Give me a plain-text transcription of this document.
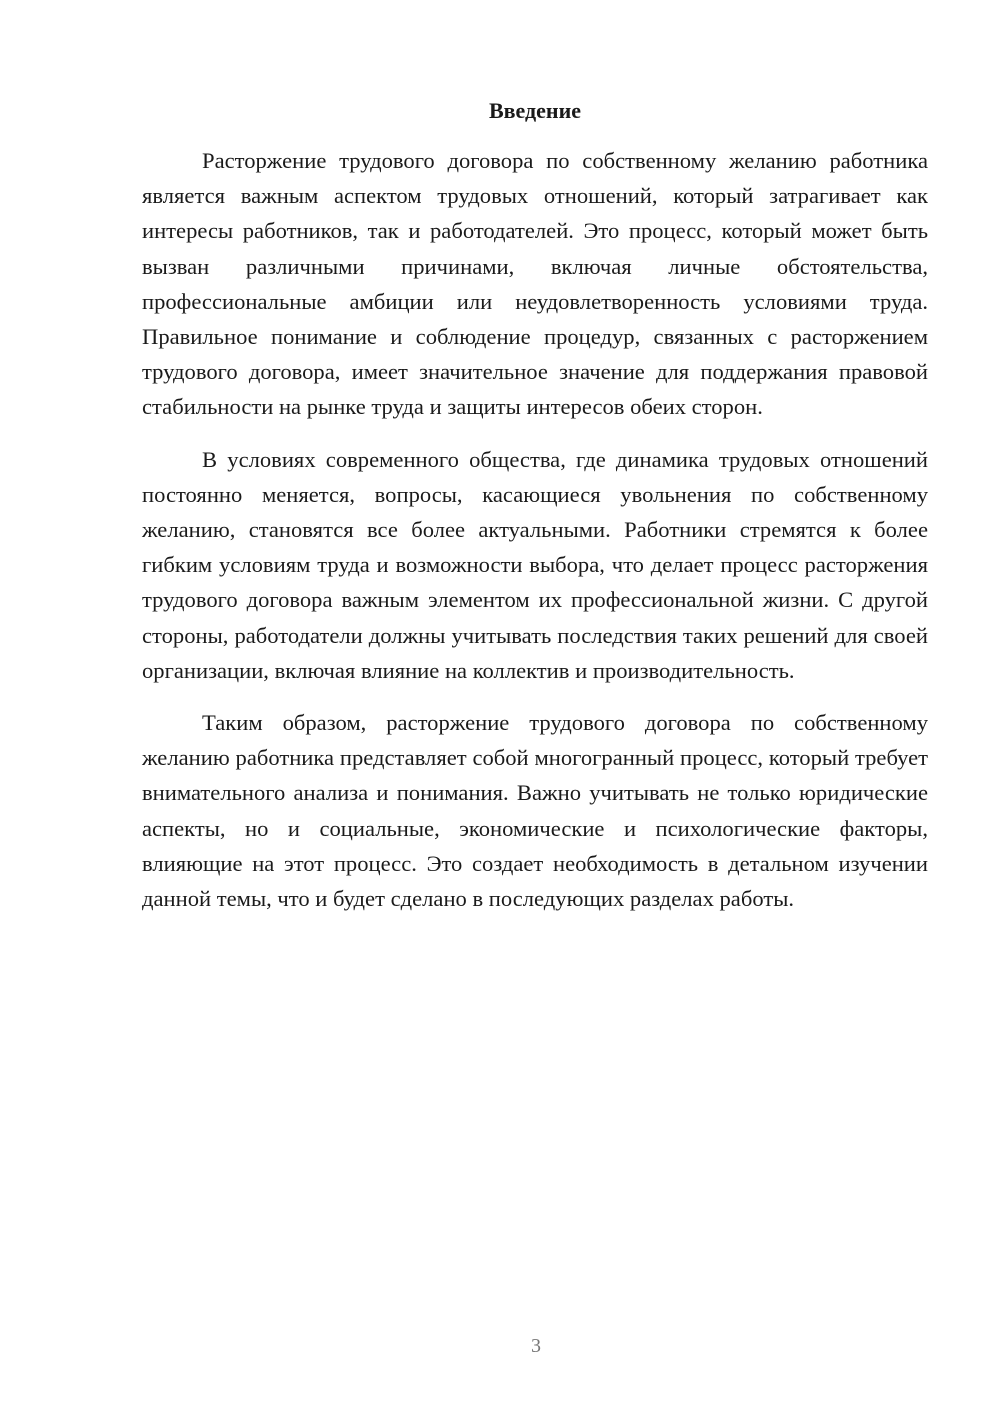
Введение

Расторжение трудового договора по собственному желанию работника является важным аспектом трудовых отношений, который затрагивает как интересы работников, так и работодателей. Это процесс, который может быть вызван различными причинами, включая личные обстоятельства, профессиональные амбиции или неудовлетворенность условиями труда. Правильное понимание и соблюдение процедур, связанных с расторжением трудового договора, имеет значительное значение для поддержания правовой стабильности на рынке труда и защиты интересов обеих сторон.

В условиях современного общества, где динамика трудовых отношений постоянно меняется, вопросы, касающиеся увольнения по собственному желанию, становятся все более актуальными. Работники стремятся к более гибким условиям труда и возможности выбора, что делает процесс расторжения трудового договора важным элементом их профессиональной жизни. С другой стороны, работодатели должны учитывать последствия таких решений для своей организации, включая влияние на коллектив и производительность.

Таким образом, расторжение трудового договора по собственному желанию работника представляет собой многогранный процесс, который требует внимательного анализа и понимания. Важно учитывать не только юридические аспекты, но и социальные, экономические и психологические факторы, влияющие на этот процесс. Это создает необходимость в детальном изучении данной темы, что и будет сделано в последующих разделах работы.

3
